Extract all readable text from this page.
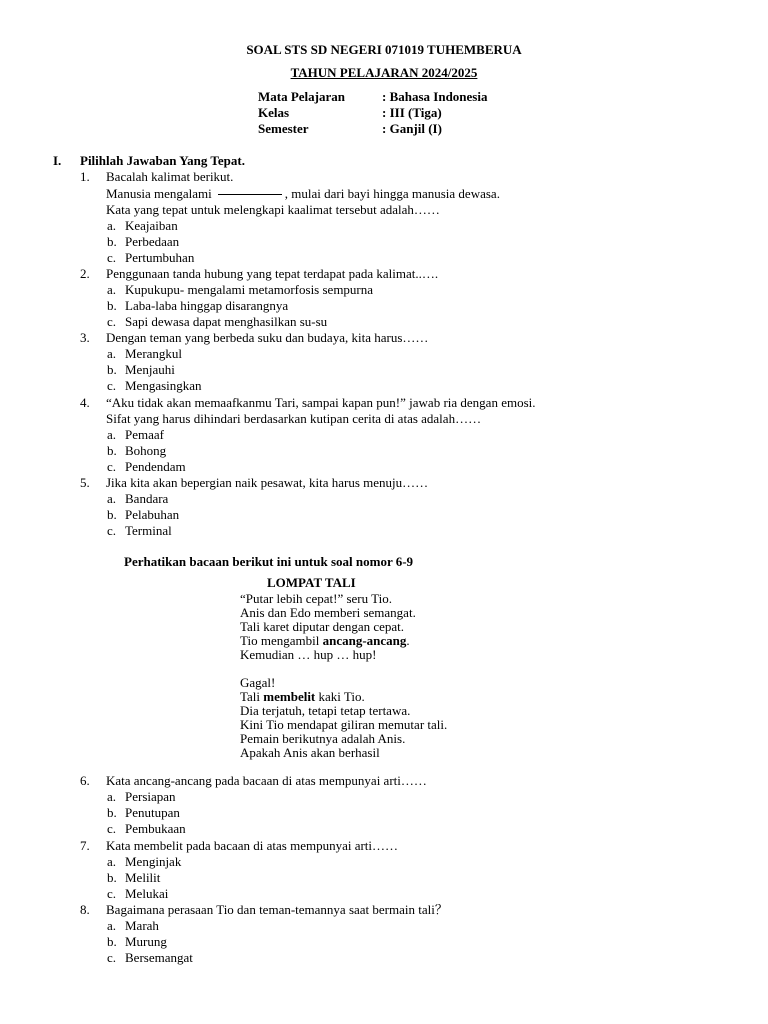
SOAL STS SD NEGERI 071019 TUHEMBERUA
TAHUN PELAJARAN 2024/2025
Mata Pelajaran	: Bahasa Indonesia
Kelas	: III (Tiga)
Semester	: Ganjil (I)
I. Pilihlah Jawaban Yang Tepat.
1. Bacalah kalimat berikut.
Manusia mengalami	, mulai dari bayi hingga manusia dewasa.
Kata yang tepat untuk melengkapi kaalimat tersebut adalah……
a. Keajaiban
b. Perbedaan
c. Pertumbuhan
2. Penggunaan tanda hubung yang tepat terdapat pada kalimat..….
a. Kupukupu- mengalami metamorfosis sempurna
b. Laba-laba hinggap disarangnya
c. Sapi dewasa dapat menghasilkan su-su
3. Dengan teman yang berbeda suku dan budaya, kita harus……
a. Merangkul
b. Menjauhi
c. Mengasingkan
4. “Aku tidak akan memaafkanmu Tari, sampai kapan pun!” jawab ria dengan emosi.
Sifat yang harus dihindari berdasarkan kutipan cerita di atas adalah……
a. Pemaaf
b. Bohong
c. Pendendam
5. Jika kita akan bepergian naik pesawat, kita harus menuju……
a. Bandara
b. Pelabuhan
c. Terminal
Perhatikan bacaan berikut ini untuk soal nomor 6-9
LOMPAT TALI
“Putar lebih cepat!” seru Tio.
Anis dan Edo memberi semangat.
Tali karet diputar dengan cepat.
Tio mengambil ancang-ancang.
Kemudian … hup … hup!
Gagal!
Tali membelit kaki Tio.
Dia terjatuh, tetapi tetap tertawa.
Kini Tio mendapat giliran memutar tali.
Pemain berikutnya adalah Anis.
Apakah Anis akan berhasil
6. Kata ancang-ancang pada bacaan di atas mempunyai arti……
a. Persiapan
b. Penutupan
c. Pembukaan
7. Kata membelit pada bacaan di atas mempunyai arti……
a. Menginjak
b. Melilit
c. Melukai
8. Bagaimana perasaan Tio dan teman-temannya saat bermain tali？
a. Marah
b. Murung
c. Bersemangat
